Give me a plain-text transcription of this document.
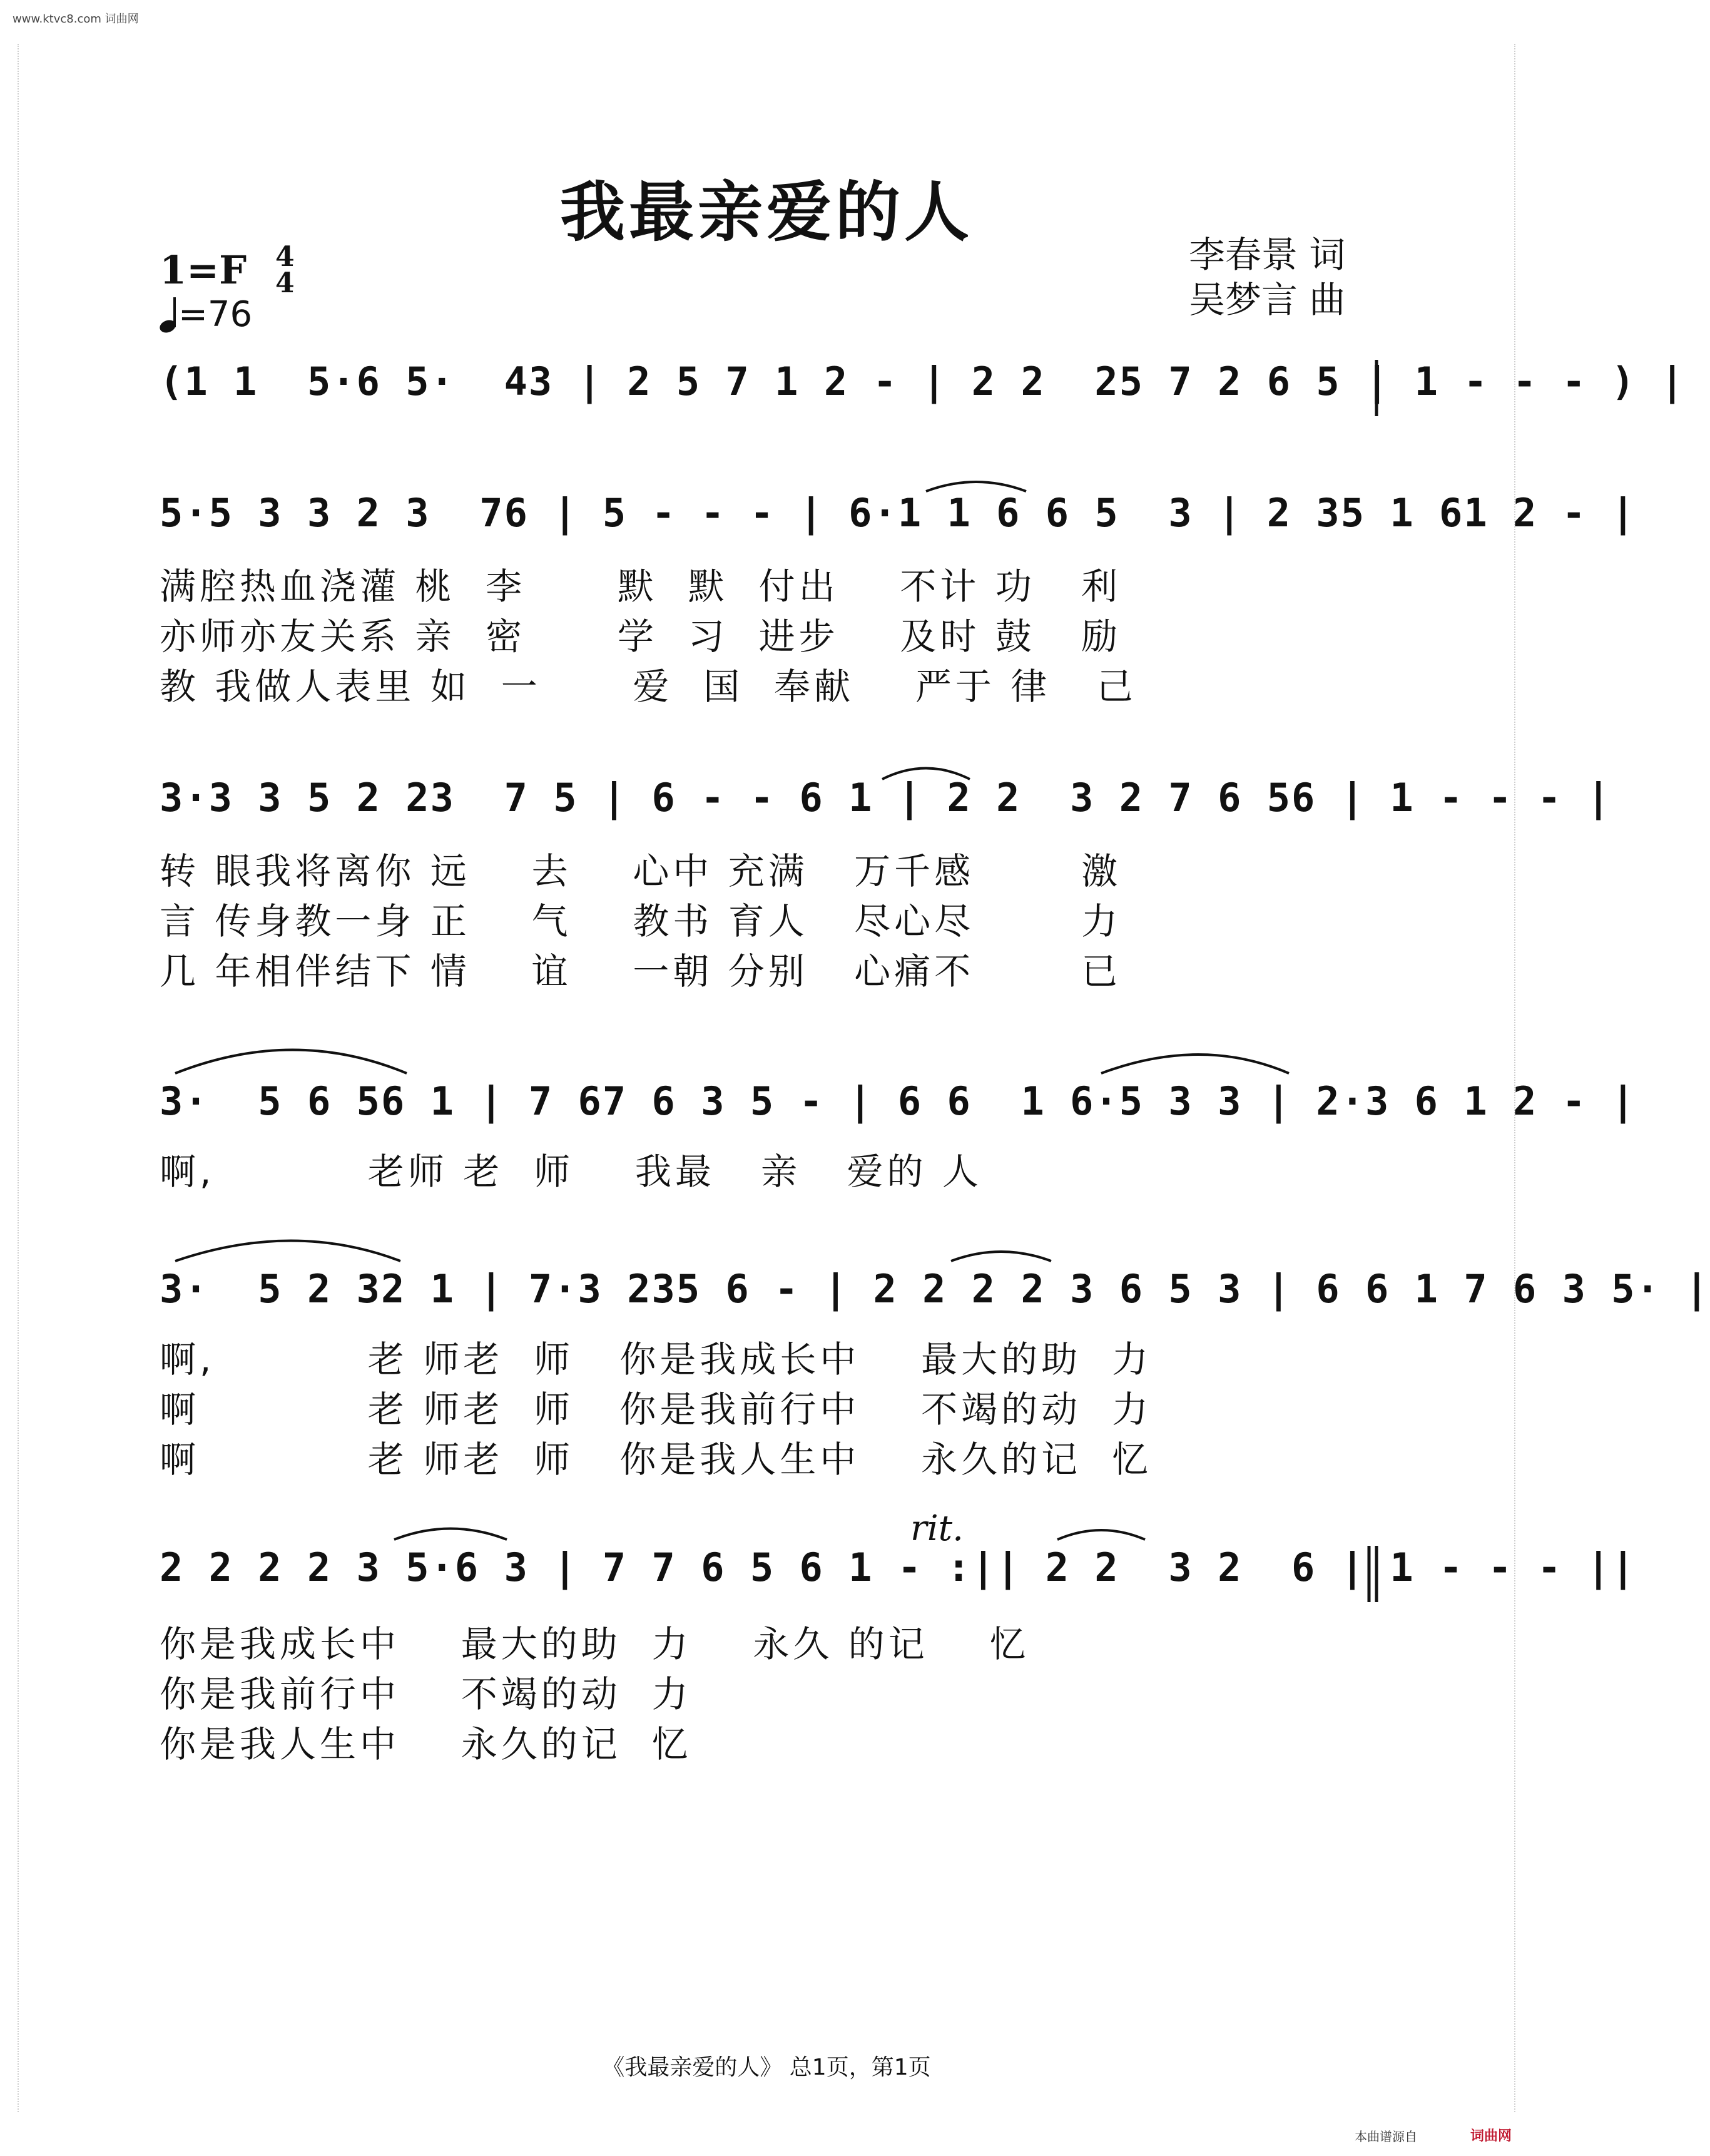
www.ktvc8.com 词曲网
我最亲爱的人
李春景 词
吴梦言 曲
1=F 4
4
=76
(1 1  5·6 5·  43 | 2 5 7 1 2 - | 2 2  25 7 2 6 5 | 1 - - - ) |
5·5 3 3 2 3  76 | 5 - - - | 6·1 1 6 6 5  3 | 2 35 1 61 2 - |
满腔热血浇灌 桃  李      默  默  付出    不计 功   利
亦师亦友关系 亲  密      学  习  进步    及时 鼓   励
教 我做人表里 如  一      爱  国  奉献    严于 律   己
3·3 3 5 2 23  7 5 | 6 - - 6 1 | 2 2  3 2 7 6 56 | 1 - - - |
转 眼我将离你 远    去    心中 充满   万千感       激
言 传身教一身 正    气    教书 育人   尽心尽       力
几 年相伴结下 情    谊    一朝 分别   心痛不       已
3·  5 6 56 1 | 7 67 6 3 5 - | 6 6  1 6·5 3 3 | 2·3 6 1 2 - |
啊,          老师 老  师    我最   亲   爱的 人
3·  5 2 32 1 | 7·3 235 6 - | 2 2 2 2 3 6 5 3 | 6 6 1 7 6 3 5· |
啊,          老 师老  师   你是我成长中    最大的助  力
啊           老 师老  师   你是我前行中    不竭的动  力
啊           老 师老  师   你是我人生中    永久的记  忆
rit.
2 2 2 2 3 5·6 3 | 7 7 6 5 6 1 - :|| 2 2  3 2  6 | 1 - - - ||
你是我成长中    最大的助  力    永久 的记    忆
你是我前行中    不竭的动  力
你是我人生中    永久的记  忆
《我最亲爱的人》 总1页，第1页
本曲谱源自	词曲网
